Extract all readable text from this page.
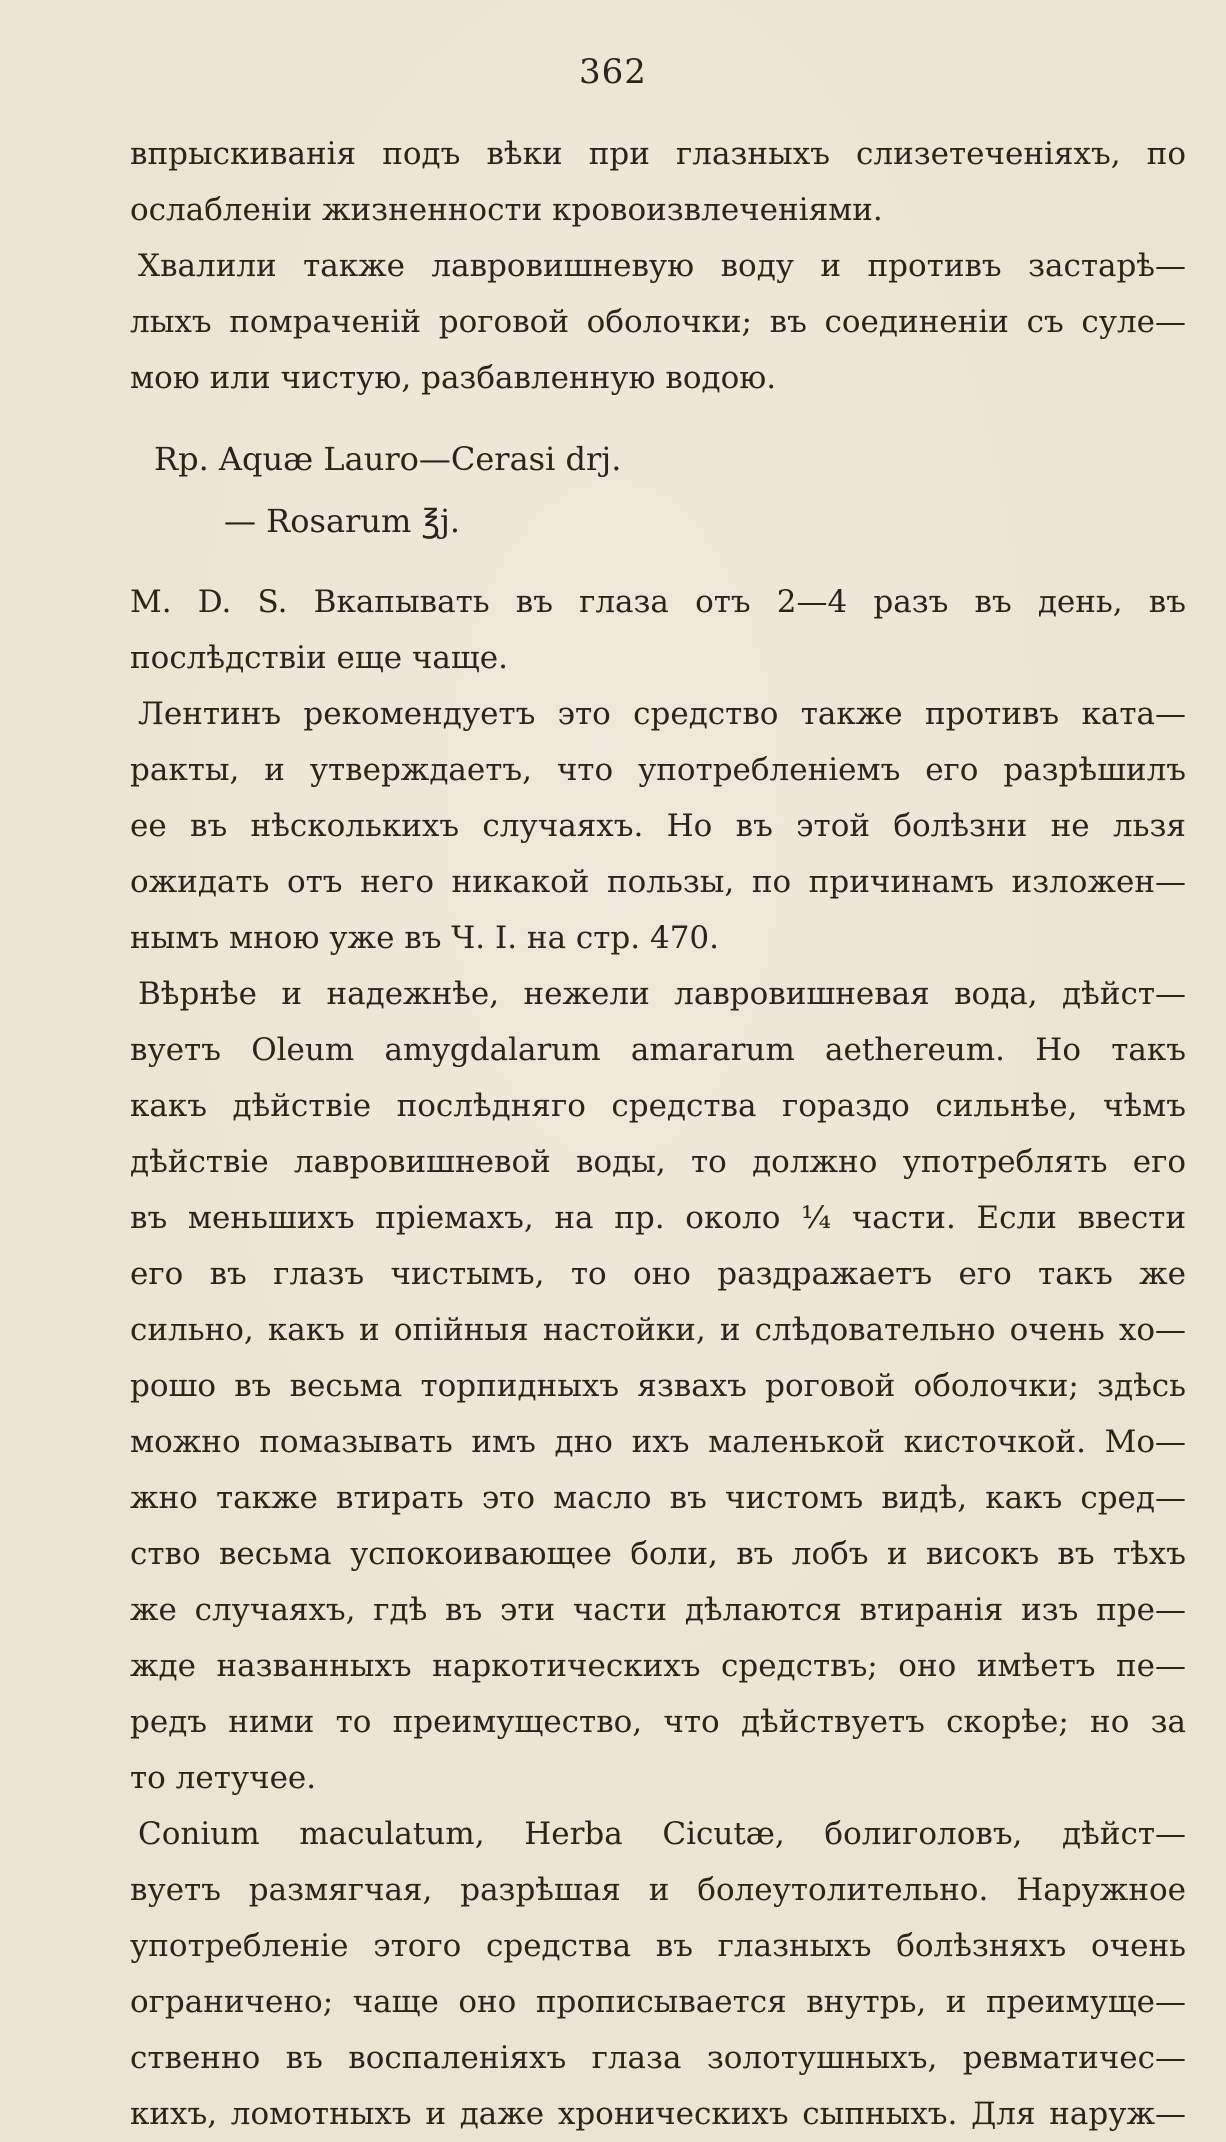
362
впрыскиванія подъ вѣки при глазныхъ слизетеченіяхъ, по
ослабленіи жизненности кровоизвлеченіями.
Хвалили также лавровишневую воду и противъ застарѣ—
лыхъ помраченій роговой оболочки; въ соединеніи съ суле—
мою или чистую, разбавленную водою.
Rp. Aquæ Lauro—Cerasi drj.
— Rosarum ℥j.
M. D. S. Вкапывать въ глаза отъ 2—4 разъ въ день, въ
послѣдствіи еще чаще.
Лентинъ рекомендуетъ это средство также противъ ката—
ракты, и утверждаетъ, что употребленіемъ его разрѣшилъ
ее въ нѣсколькихъ случаяхъ. Но въ этой болѣзни не льзя
ожидать отъ него никакой пользы, по причинамъ изложен—
нымъ мною уже въ Ч. I. на стр. 470.
Вѣрнѣе и надежнѣе, нежели лавровишневая вода, дѣйст—
вуетъ Oleum amygdalarum amararum aethereum. Но такъ
какъ дѣйствіе послѣдняго средства гораздо сильнѣе, чѣмъ
дѣйствіе лавровишневой воды, то должно употреблять его
въ меньшихъ пріемахъ, на пр. около ¼ части. Если ввести
его въ глазъ чистымъ, то оно раздражаетъ его такъ же
сильно, какъ и опійныя настойки, и слѣдовательно очень хо—
рошо въ весьма торпидныхъ язвахъ роговой оболочки; здѣсь
можно помазывать имъ дно ихъ маленькой кисточкой. Мо—
жно также втирать это масло въ чистомъ видѣ, какъ сред—
ство весьма успокоивающее боли, въ лобъ и високъ въ тѣхъ
же случаяхъ, гдѣ въ эти части дѣлаются втиранія изъ пре—
жде названныхъ наркотическихъ средствъ; оно имѣетъ пе—
редъ ними то преимущество, что дѣйствуетъ скорѣе; но за
то летучее.
Conium maculatum, Herba Cicutæ, болиголовъ, дѣйст—
вуетъ размягчая, разрѣшая и болеутолительно. Наружное
употребленіе этого средства въ глазныхъ болѣзняхъ очень
ограничено; чаще оно прописывается внутрь, и преимуще—
ственно въ воспаленіяхъ глаза золотушныхъ, ревматичес—
кихъ, ломотныхъ и даже хроническихъ сыпныхъ. Для наруж—
